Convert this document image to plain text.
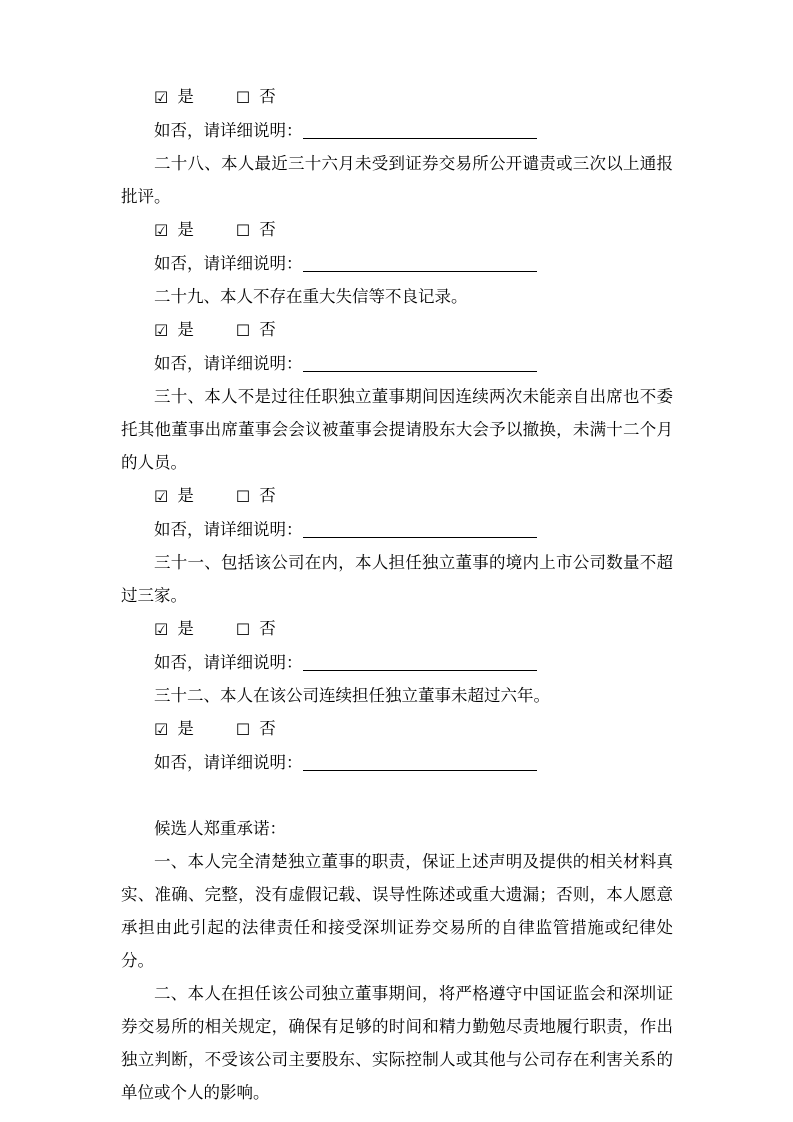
☑ 是	☐ 否
如否，请详细说明：

二十八、本人最近三十六月未受到证券交易所公开谴责或三次以上通报批评。

☑ 是	☐ 否
如否，请详细说明：

二十九、本人不存在重大失信等不良记录。

☑ 是	☐ 否
如否，请详细说明：

三十、本人不是过往任职独立董事期间因连续两次未能亲自出席也不委托其他董事出席董事会会议被董事会提请股东大会予以撤换，未满十二个月的人员。

☑ 是	☐ 否
如否，请详细说明：

三十一、包括该公司在内，本人担任独立董事的境内上市公司数量不超过三家。

☑ 是	☐ 否
如否，请详细说明：

三十二、本人在该公司连续担任独立董事未超过六年。

☑ 是	☐ 否
如否，请详细说明：
候选人郑重承诺：

一、本人完全清楚独立董事的职责，保证上述声明及提供的相关材料真实、准确、完整，没有虚假记载、误导性陈述或重大遗漏；否则，本人愿意承担由此引起的法律责任和接受深圳证券交易所的自律监管措施或纪律处分。

二、本人在担任该公司独立董事期间，将严格遵守中国证监会和深圳证券交易所的相关规定，确保有足够的时间和精力勤勉尽责地履行职责，作出独立判断，不受该公司主要股东、实际控制人或其他与公司存在利害关系的单位或个人的影响。
